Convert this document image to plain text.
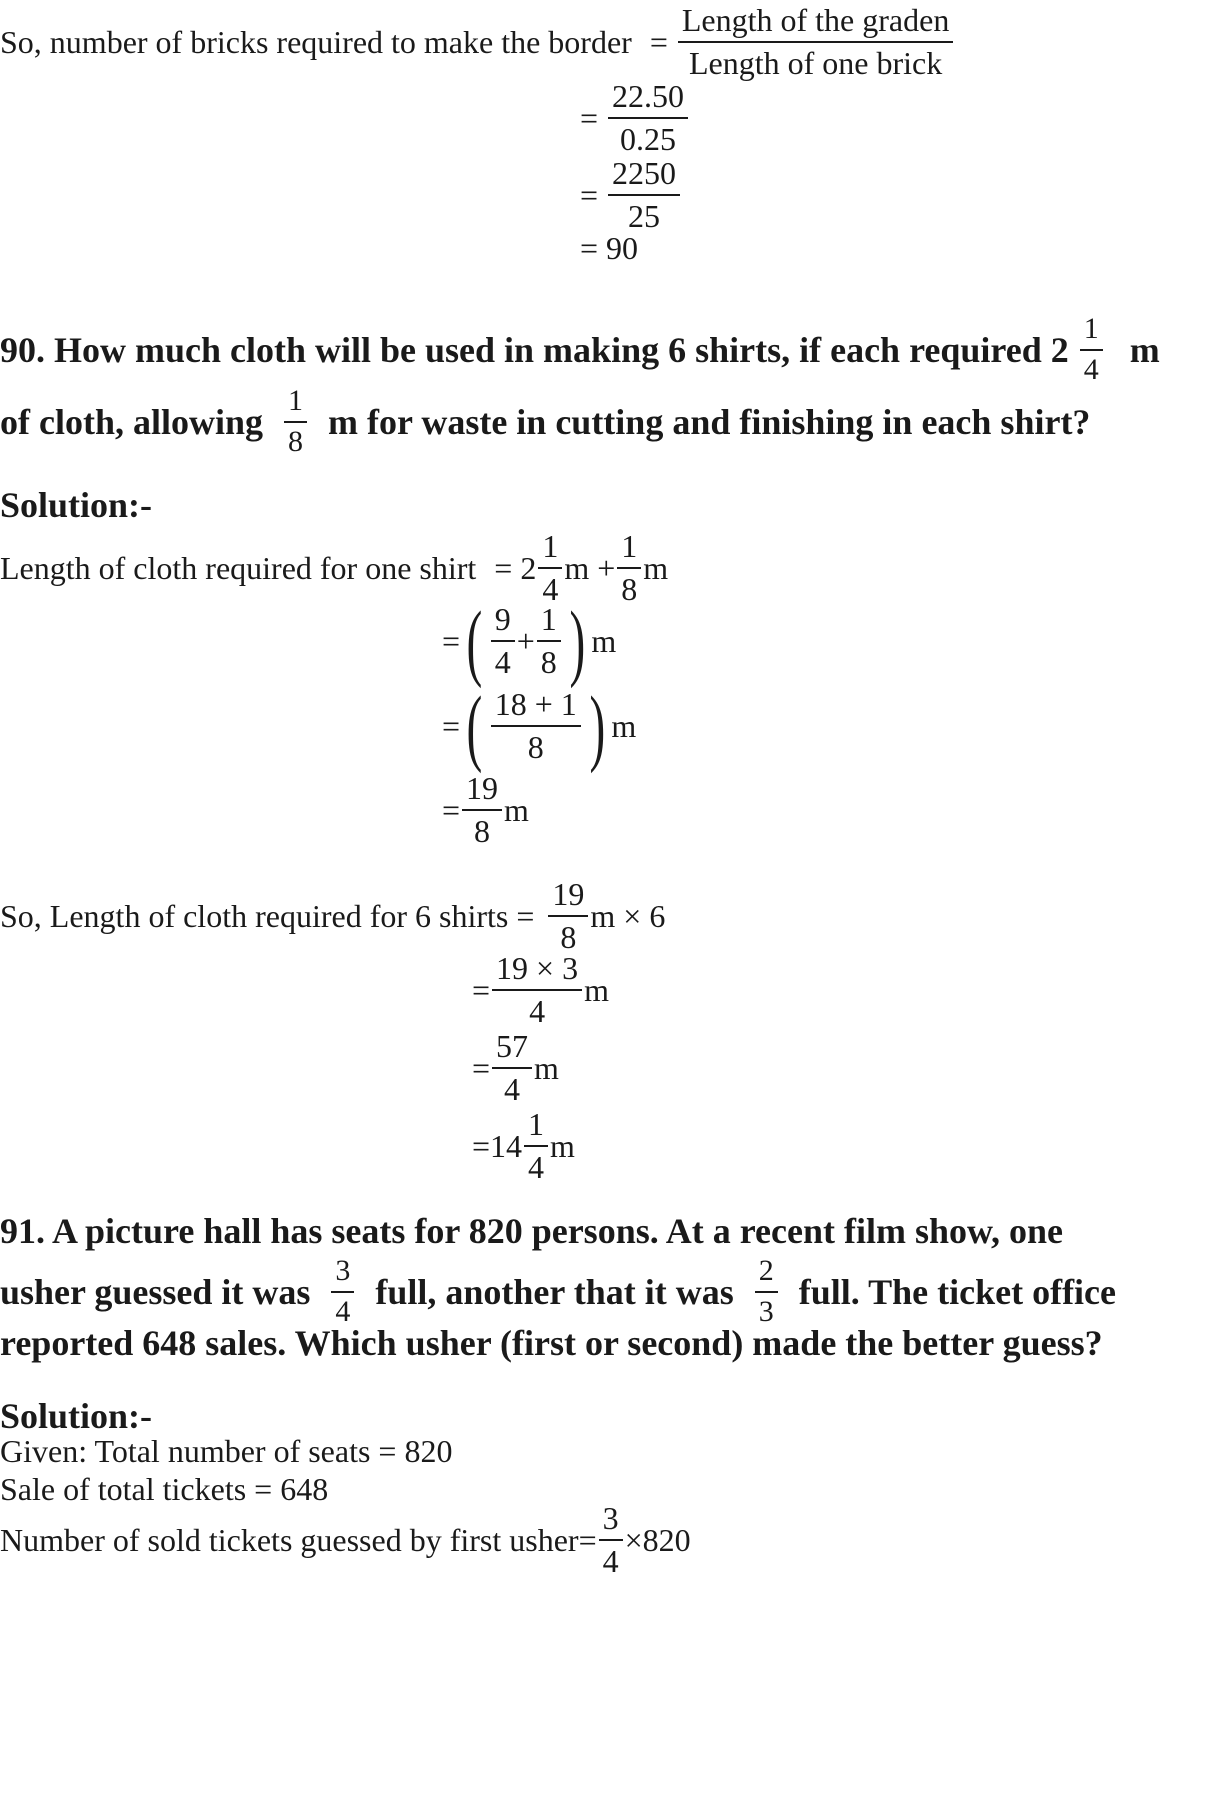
So, number of bricks required to make the border = $\frac{\text{Length of the graden}}{\text{Length of one brick}}$
= $\frac{22.50}{0.25}$
= $\frac{2250}{25}$
= 90
90. How much cloth will be used in making 6 shirts, if each required $2 \frac{1}{4}$ m
of cloth, allowing $\frac{1}{8}$ m for waste in cutting and finishing in each shirt?
Solution:-
Length of cloth required for one shirt = $2 \frac{1}{4}$ $m + \frac{1}{8}$ m
=( $\frac{9}{4} + \frac{1}{8}$ ) m
=( $\frac{18 + 1}{8}$ ) m
= $\frac{19}{8}$ m
So, Length of cloth required for 6 shirts = $\frac{19}{8}$ m × 6
= $\frac{19 \times 3}{4}$ m
= $\frac{57}{4}$ m
$=14 \frac{1}{4}$ m
91. A picture hall has seats for 820 persons. At a recent film show, one
usher guessed it was $\frac{3}{4}$ full, another that it was $\frac{2}{3}$ full. The ticket office
reported 648 sales. Which usher (first or second) made the better guess?
Solution:-
Given: Total number of seats = 820
Sale of total tickets = 648
Number of sold tickets guessed by first usher= $\frac{3}{4} \times 820$
